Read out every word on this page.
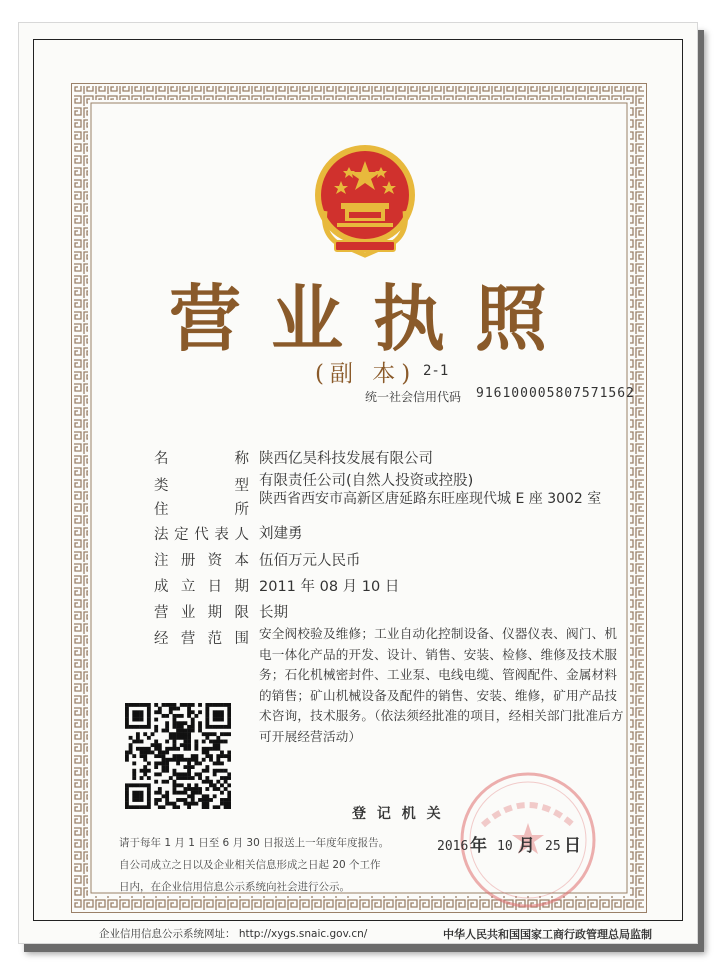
营业执照
(副 本) 2-1
统一社会信用代码 916100005807571562
名	称 陕西亿昊科技发展有限公司
类	型 有限责任公司(自然人投资或控股)
住	所
陕西省西安市高新区唐延路东旺座现代城 E 座 3002 室
法 定 代 表 人 刘建勇
注 册 资 本 伍佰万元人民币
成 立 日 期 2011 年 08 月 10 日
营 业 期 限 长期
经 营 范 围 安全阀校验及维修；工业自动化控制设备、仪器仪表、阀门、机电一体化产品的开发、设计、销售、安装、检修、维修及技术服务；石化机械密封件、工业泵、电线电缆、管阀配件、金属材料的销售；矿山机械设备及配件的销售、安装、维修，矿用产品技术咨询，技术服务。（依法须经批准的项目，经相关部门批准后方可开展经营活动）
登 记 机 关
请于每年 1 月 1 日至 6 月 30 日报送上一年度年度报告。
自公司成立之日以及企业相关信息形成之日起 20 个工作
日内，在企业信用信息公示系统向社会进行公示。
2016 年 10 月 25 日
企业信用信息公示系统网址： http://xygs.snaic.gov.cn/	中华人民共和国国家工商行政管理总局监制
